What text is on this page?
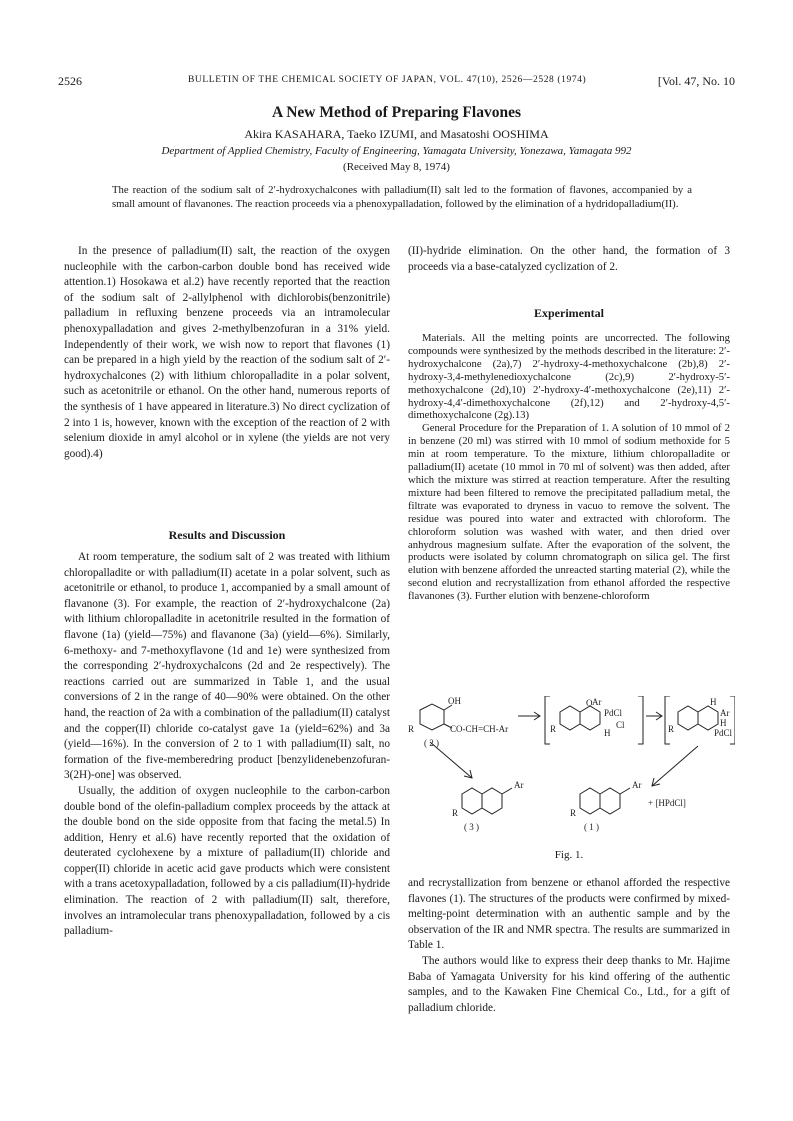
2526	BULLETIN OF THE CHEMICAL SOCIETY OF JAPAN, VOL. 47(10), 2526—2528 (1974)	[Vol. 47, No. 10
A New Method of Preparing Flavones
Akira KASAHARA, Taeko IZUMI, and Masatoshi OOSHIMA
Department of Applied Chemistry, Faculty of Engineering, Yamagata University, Yonezawa, Yamagata 992
(Received May 8, 1974)
The reaction of the sodium salt of 2′-hydroxychalcones with palladium(II) salt led to the formation of flavones, accompanied by a small amount of flavanones. The reaction proceeds via a phenoxypalladation, followed by the elimination of a hydridopalladium(II).

In the presence of palladium(II) salt, the reaction of the oxygen nucleophile with the carbon-carbon double bond has received wide attention.1) Hosokawa et al.2) have recently reported that the reaction of the sodium salt of 2-allylphenol with dichlorobis(benzonitrile) palladium in refluxing benzene proceeds via an intramolecular phenoxypalladation and gives 2-methylbenzofuran in a 31% yield. Independently of their work, we wish now to report that flavones (1) can be prepared in a high yield by the reaction of the sodium salt of 2′-hydroxychalcones (2) with lithium chloropalladite in a polar solvent, such as acetonitrile or ethanol. On the other hand, numerous reports of the synthesis of 1 have appeared in literature.3) No direct cyclization of 2 into 1 is, however, known with the exception of the reaction of 2 with selenium dioxide in amyl alcohol or in xylene (the yields are not very good).4)

Results and Discussion

At room temperature, the sodium salt of 2 was treated with lithium chloropalladite or with palladium(II) acetate in a polar solvent, such as acetonitrile or ethanol, to produce 1, accompanied by a small amount of flavanone (3). For example, the reaction of 2′-hydroxychalcone (2a) with lithium chloropalladite in acetonitrile resulted in the formation of flavone (1a) (yield—75%) and flavanone (3a) (yield—6%). Similarly, 6-methoxy- and 7-methoxyflavone (1d and 1e) were synthesized from the corresponding 2′-hydroxychalcons (2d and 2e respectively). The reactions carried out are summarized in Table 1, and the usual conversions of 2 in the range of 40—90% were obtained. On the other hand, the reaction of 2a with a combination of the palladium(II) catalyst and the copper(II) chloride co-catalyst gave 1a (yield=62%) and 3a (yield—16%). In the conversion of 2 to 1 with palladium(II) salt, no formation of the five-memberedring product [benzylidenebenzofuran-3(2H)-one] was observed.

Usually, the addition of oxygen nucleophile to the carbon-carbon double bond of the olefin-palladium complex proceeds by the attack at the double bond on the side opposite from that facing the metal.5) In addition, Henry et al.6) have recently reported that the oxidation of deuterated cyclohexene by a mixture of palladium(II) chloride and copper(II) chloride in acetic acid gave products which were consistent with a trans acetoxypalladation, followed by a cis palladium(II)-hydride elimination. The reaction of 2 with palladium(II) salt, therefore, involves an intramolecular trans phenoxypalladation, followed by a cis palladium-

(II)-hydride elimination. On the other hand, the formation of 3 proceeds via a base-catalyzed cyclization of 2.

Experimental

Materials. All the melting points are uncorrected. The following compounds were synthesized by the methods described in the literature: 2′-hydroxychalcone (2a),7) 2′-hydroxy-4-methoxychalcone (2b),8) 2′-hydroxy-3,4-methylenedioxychalcone (2c),9) 2′-hydroxy-5′-methoxychalcone (2d),10) 2′-hydroxy-4′-methoxychalcone (2e),11) 2′-hydroxy-4,4′-dimethoxychalcone (2f),12) and 2′-hydroxy-4,5′-dimethoxychalcone (2g).13)

General Procedure for the Preparation of 1. A solution of 10 mmol of 2 in benzene (20 ml) was stirred with 10 mmol of sodium methoxide for 5 min at room temperature. To the mixture, lithium chloropalladite or palladium(II) acetate (10 mmol in 70 ml of solvent) was then added, after which the mixture was stirred at reaction temperature. After the resulting mixture had been filtered to remove the precipitated palladium metal, the filtrate was evaporated to dryness in vacuo to remove the solvent. The residue was poured into water and extracted with chloroform. The chloroform solution was washed with water, and then dried over anhydrous magnesium sulfate. After the evaporation of the solvent, the products were isolated by column chromatograph on silica gel. The first elution with benzene afforded the unreacted starting material (2), while the second elution and recrystallization from ethanol afforded the respective flavanones (3). Further elution with benzene-chloroform

OH
CO-CH=CH-Ar
R
( 2 )
Ar
PdCl
Cl
H
R
O	H
Ar
H
PdCl
R
Ar
R
( 3 )
Ar
R
( 1 )
+ [HPdCl]
Fig. 1.

and recrystallization from benzene or ethanol afforded the respective flavones (1). The structures of the products were confirmed by mixed-melting-point determination with an authentic sample and by the observation of the IR and NMR spectra. The results are summarized in Table 1.

The authors would like to express their deep thanks to Mr. Hajime Baba of Yamagata University for his kind offering of the authentic samples, and to the Kawaken Fine Chemical Co., Ltd., for a gift of palladium chloride.
